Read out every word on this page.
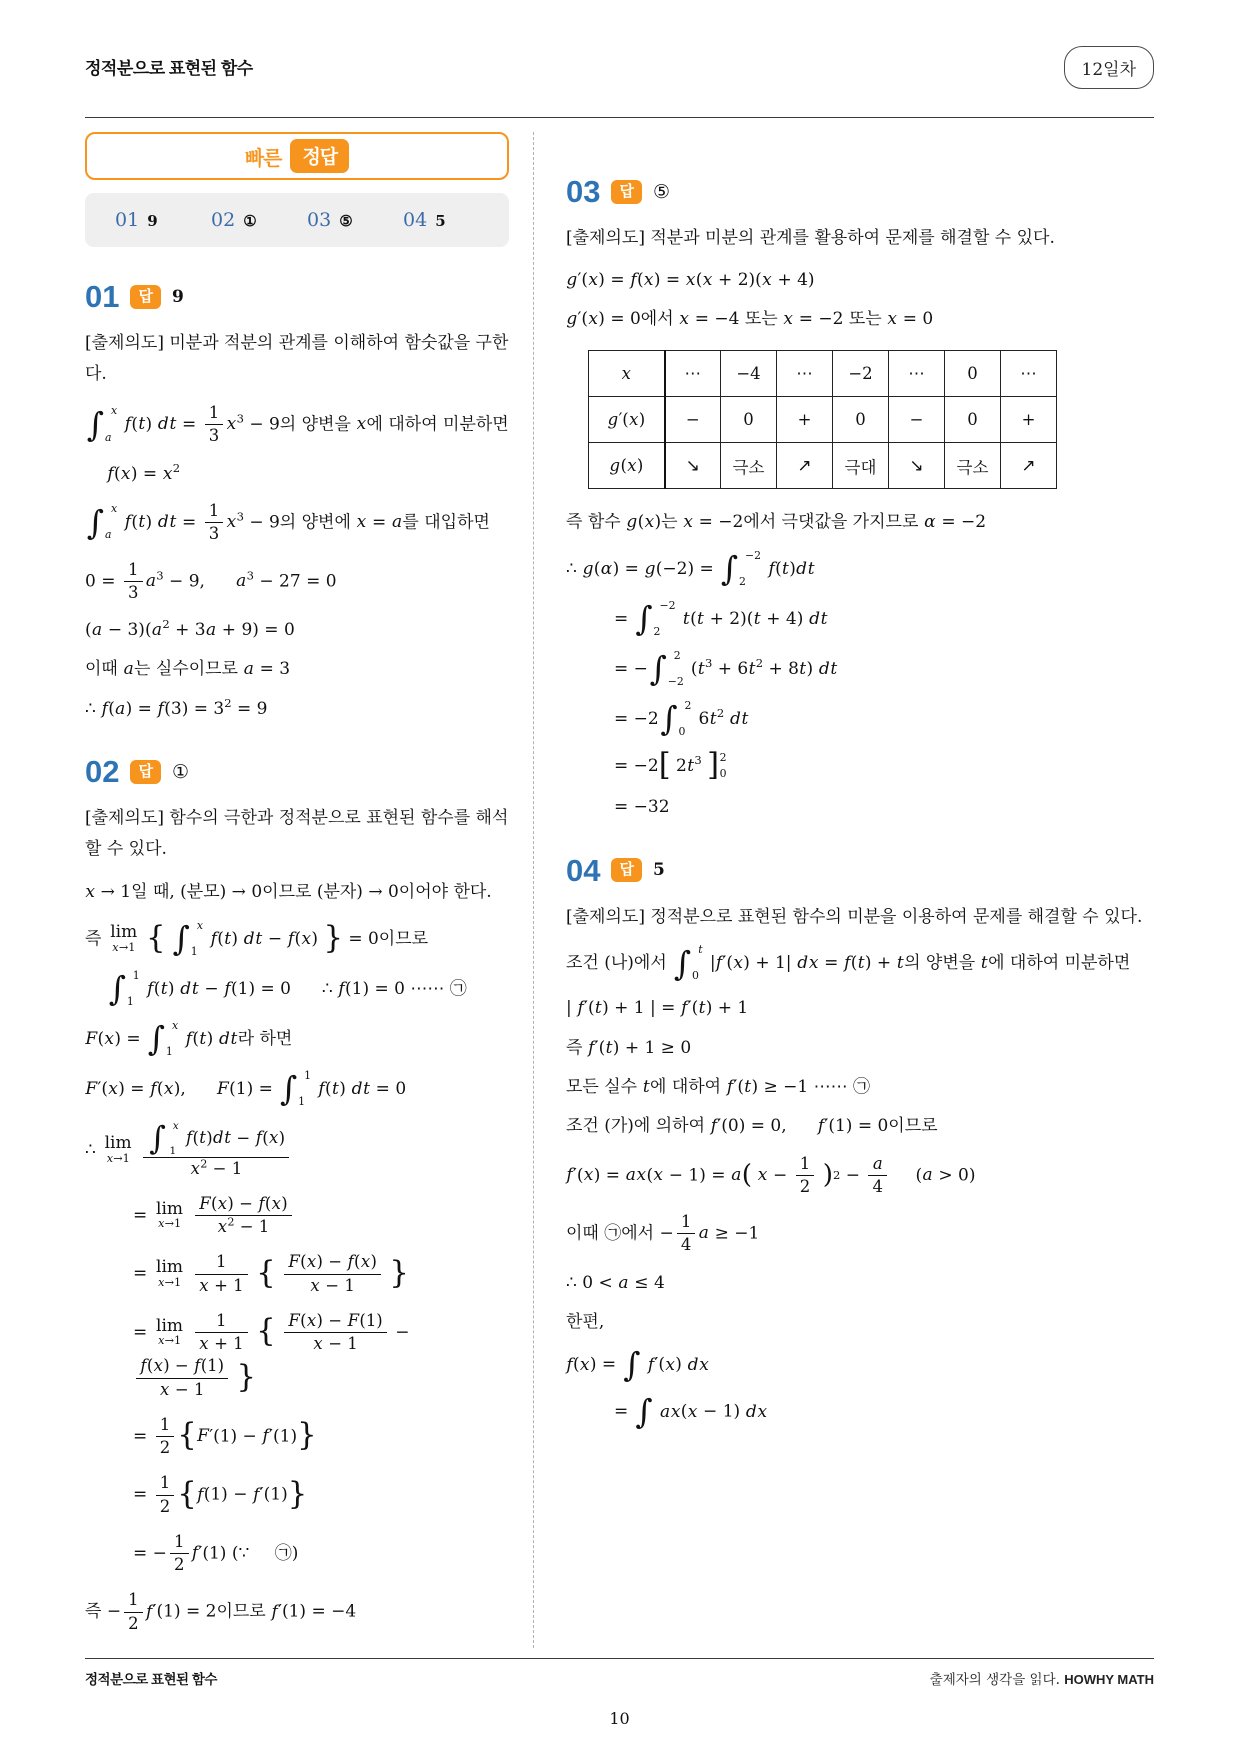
정적분으로 표현된 함수	12일차
빠른	정답
01 9	02 ①	03 ⑤	04 5
01	답	9
[출제의도] 미분과 적분의 관계를 이해하여 함숫값을 구한다.
∫ x
a
f(t) dt = $\frac{1}{3} x^3 - 9$의 양변을 x에 대하여 미분하면
$f(x) = x^2$
∫ x
a
f(t) dt = $\frac{1}{3} x^3 - 9$의 양변에 x = a를 대입하면
$0 = \frac{1}{3} a^3 - 9$, $a^3 - 27 = 0$
$(a - 3)(a^2 + 3a + 9) = 0$
이때 a는 실수이므로 a = 3
∴ $f(a) = f(3) = 3^2 = 9$
02	답	①
[출제의도] 함수의 극한과 정적분으로 표현된 함수를 해석할 수 있다.
x → 1일 때, (분모) → 0이므로 (분자) → 0이어야 한다.
즉 lim
x→1
{
∫ x
1
f(t) dt − f(x) } = 0이므로
∫ 1
1
f(t) dt − f(1) = 0 ∴ f(1) = 0 ⋯⋯ ㉠
F(x) = ∫ x
1
f(t) dt라 하면
F′(x) = f(x), F(1) = ∫ 1
1
f(t) dt = 0
∴ lim
x→1
∫ x
1
f(t)dt − f(x)
$x^2 - 1$
= lim
x→1
$\frac{F(x) - f(x)}{x^2 - 1}$
= lim
x→1
$\frac{1}{x + 1}$
{
$\frac{F(x) - f(x)}{x - 1}$
}
= lim
x→1
$\frac{1}{x + 1}$
{
$\frac{F(x) - F(1)}{x - 1}$ −
$\frac{f(x) - f(1)}{x - 1}$
}
= $\frac{1}{2}$ { F′(1) − f′(1) }
= $\frac{1}{2}$ { f(1) − f′(1) }
= − $\frac{1}{2} f'(1)$ (∵ ㉠)
즉 − $\frac{1}{2} f'(1) = 2$이므로 f′(1) = −4
03	답	⑤
[출제의도] 적분과 미분의 관계를 활용하여 문제를 해결할 수 있다.
g′(x) = f(x) = x(x + 2)(x + 4)
g′(x) = 0에서 x = −4 또는 x = −2 또는 x = 0
x	⋯	−4	⋯	−2	⋯	0	⋯
g′(x)	−	0	+	0	−	0	+
g(x)	↘	극소	↗	극대	↘	극소	↗
즉 함수 g(x)는 x = −2에서 극댓값을 가지므로 α = −2
∴ g(α) = g(−2) = ∫ −2
2
f(t)dt
= ∫ −2
2
t(t + 2)(t + 4) dt
= − ∫ 2
−2
$(t^3 + 6t^2 + 8t)$ dt
= −2 ∫ 2
0
$6t^2$ dt
= −2 [ $2t^3$ ] 2
0
= −32
04	답	5
[출제의도] 정적분으로 표현된 함수의 미분을 이용하여 문제를 해결할 수 있다.
조건 (나)에서 ∫ t
0
|f′(x) + 1| dx = f(t) + t의 양변을 t에 대하여 미분하면
| f′(t) + 1 | = f′(t) + 1
즉 f′(t) + 1 ≥ 0
모든 실수 t에 대하여 f′(t) ≥ −1 ⋯⋯ ㉠
조건 (가)에 의하여 f′(0) = 0, f′(1) = 0이므로
f′(x) = ax(x − 1) = a ( $x - \frac{1}{2}$
) $2 - \frac{a}{4} (a > 0)$
이때 ㉠에서 − $\frac{1}{4}$ a ≥ −1
∴ 0 < a ≤ 4
한편,
f(x) = ∫ f′(x) dx
= ∫ ax(x − 1) dx
정적분으로 표현된 함수	출제자의 생각을 읽다. HOWHY MATH
10
